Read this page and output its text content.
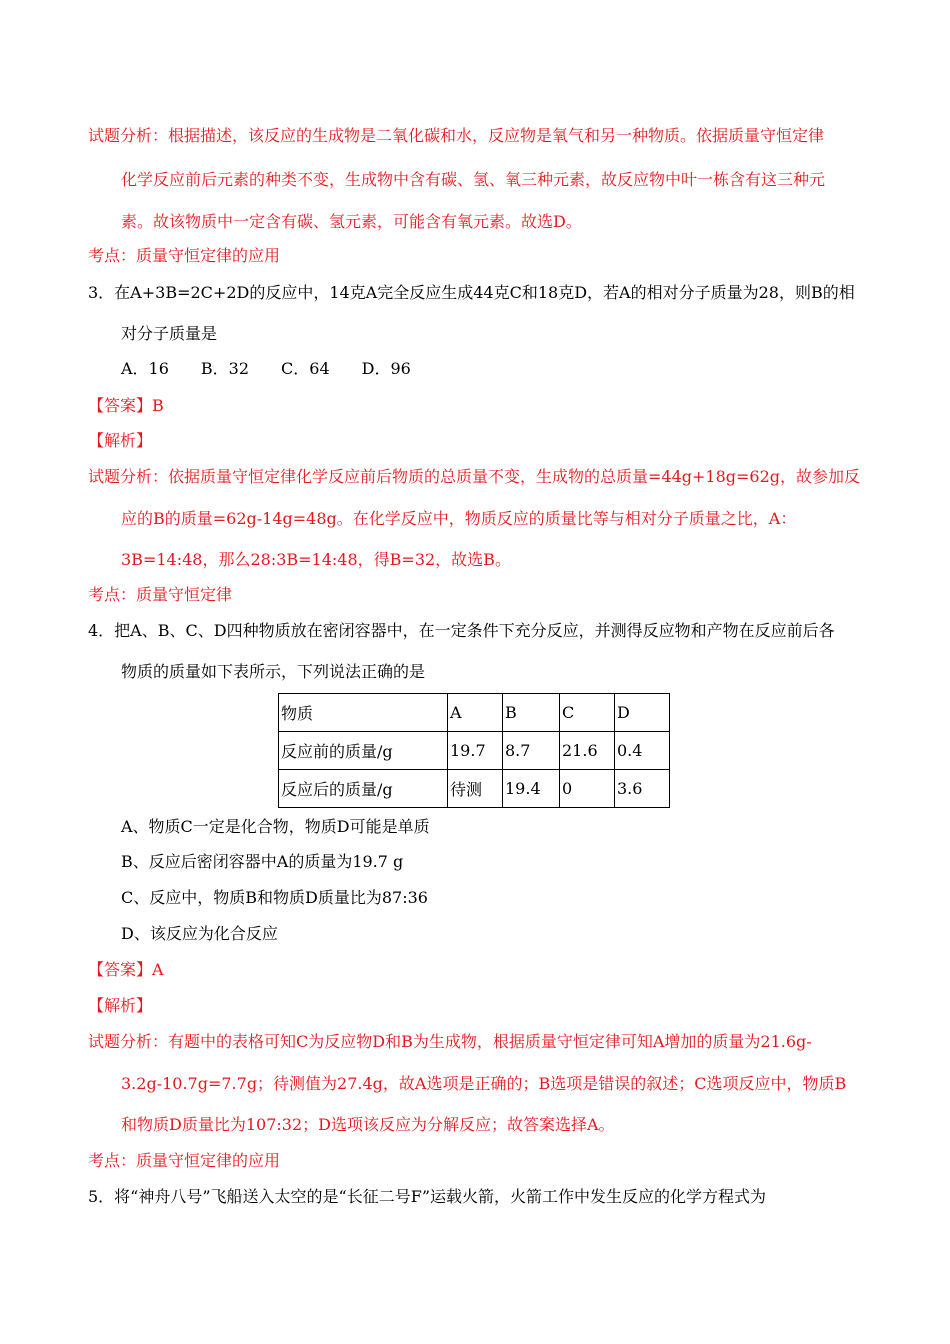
试题分析：根据描述，该反应的生成物是二氧化碳和水，反应物是氧气和另一种物质。依据质量守恒定律
化学反应前后元素的种类不变，生成物中含有碳、氢、氧三种元素，故反应物中叶一栋含有这三种元
素。故该物质中一定含有碳、氢元素，可能含有氧元素。故选D。
考点：质量守恒定律的应用
3．在A+3B=2C+2D的反应中，14克A完全反应生成44克C和18克D，若A的相对分子质量为28，则B的相
对分子质量是
A．16　　B．32　　C．64　　D．96
【答案】B
【解析】
试题分析：依据质量守恒定律化学反应前后物质的总质量不变，生成物的总质量=44g+18g=62g，故参加反
应的B的质量=62g-14g=48g。在化学反应中，物质反应的质量比等与相对分子质量之比，A：
3B=14:48，那么28:3B=14:48，得B=32，故选B。
考点：质量守恒定律
4．把A、B、C、D四种物质放在密闭容器中，在一定条件下充分反应，并测得反应物和产物在反应前后各
物质的质量如下表所示，下列说法正确的是
物质	A	B	C	D
反应前的质量/g	19.7	8.7	21.6	0.4
反应后的质量/g	待测	19.4	0	3.6
A、物质C一定是化合物，物质D可能是单质
B、反应后密闭容器中A的质量为19.7 g
C、反应中，物质B和物质D质量比为87:36
D、该反应为化合反应
【答案】A
【解析】
试题分析：有题中的表格可知C为反应物D和B为生成物，根据质量守恒定律可知A增加的质量为21.6g-
3.2g-10.7g=7.7g；待测值为27.4g，故A选项是正确的；B选项是错误的叙述；C选项反应中，物质B
和物质D质量比为107:32；D选项该反应为分解反应；故答案选择A。
考点：质量守恒定律的应用
5．将“神舟八号”飞船送入太空的是“长征二号F”运载火箭，火箭工作中发生反应的化学方程式为
